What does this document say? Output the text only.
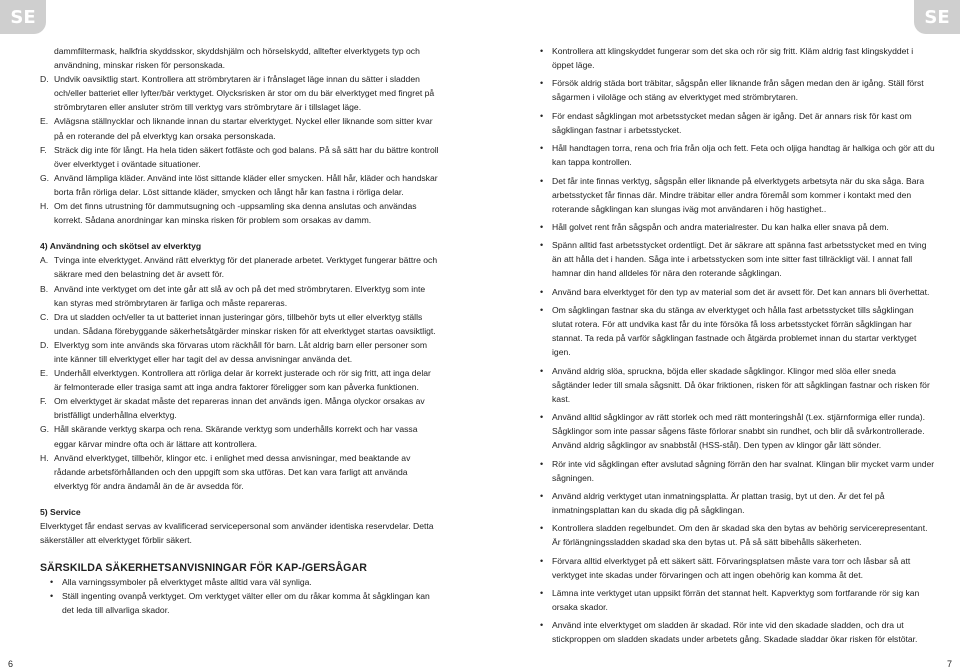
SE	SE

dammfiltermask, halkfria skyddsskor, skyddshjälm och hörselskydd, alltefter elverktygets typ och användning, minskar risken för personskada.

D. Undvik oavsiktlig start. Kontrollera att strömbrytaren är i frånslaget läge innan du sätter i sladden och/eller batteriet eller lyfter/bär verktyget. Olycksrisken är stor om du bär elverktyget med fingret på strömbrytaren eller ansluter ström till verktyg vars strömbrytare är i tillslaget läge.
E. Avlägsna ställnycklar och liknande innan du startar elverktyget. Nyckel eller liknande som sitter kvar på en roterande del på elverktyg kan orsaka personskada.
F. Sträck dig inte för långt. Ha hela tiden säkert fotfäste och god balans. På så sätt har du bättre kontroll över elverktyget i oväntade situationer.
G. Använd lämpliga kläder. Använd inte löst sittande kläder eller smycken. Håll hår, kläder och handskar borta från rörliga delar. Löst sittande kläder, smycken och långt hår kan fastna i rörliga delar.
H. Om det finns utrustning för dammutsugning och -uppsamling ska denna anslutas och användas korrekt. Sådana anordningar kan minska risken för problem som orsakas av damm.

4) Användning och skötsel av elverktyg

A. Tvinga inte elverktyget. Använd rätt elverktyg för det planerade arbetet. Verktyget fungerar bättre och säkrare med den belastning det är avsett för.
B. Använd inte verktyget om det inte går att slå av och på det med strömbrytaren. Elverktyg som inte kan styras med strömbrytaren är farliga och måste repareras.
C. Dra ut sladden och/eller ta ut batteriet innan justeringar görs, tillbehör byts ut eller elverktyg ställs undan. Sådana förebyggande säkerhetsåtgärder minskar risken för att elverktyget startas oavsiktligt.
D. Elverktyg som inte används ska förvaras utom räckhåll för barn. Låt aldrig barn eller personer som inte känner till elverktyget eller har tagit del av dessa anvisningar använda det.
E. Underhåll elverktygen. Kontrollera att rörliga delar är korrekt justerade och rör sig fritt, att inga delar är felmonterade eller trasiga samt att inga andra faktorer föreligger som kan påverka funktionen.
F. Om elverktyget är skadat måste det repareras innan det används igen. Många olyckor orsakas av bristfälligt underhållna elverktyg.
G. Håll skärande verktyg skarpa och rena. Skärande verktyg som underhålls korrekt och har vassa eggar kärvar mindre ofta och är lättare att kontrollera.
H. Använd elverktyget, tillbehör, klingor etc. i enlighet med dessa anvisningar, med beaktande av rådande arbetsförhållanden och den uppgift som ska utföras. Det kan vara farligt att använda elverktyg för andra ändamål än de är avsedda för.

5) Service

Elverktyget får endast servas av kvalificerad servicepersonal som använder identiska reservdelar. Detta säkerställer att elverktyget förblir säkert.

SÄRSKILDA SÄKERHETSANVISNINGAR FÖR KAP-/GERSÅGAR

•	Alla varningssymboler på elverktyget måste alltid vara väl synliga.
•	Ställ ingenting ovanpå verktyget. Om verktyget välter eller om du råkar komma åt sågklingan kan det leda till allvarliga skador.
•	Kontrollera att klingskyddet fungerar som det ska och rör sig fritt. Kläm aldrig fast klingskyddet i öppet läge.
•	Försök aldrig städa bort träbitar, sågspån eller liknande från sågen medan den är igång. Ställ först sågarmen i viloläge och stäng av elverktyget med strömbrytaren.
•	För endast sågklingan mot arbetsstycket medan sågen är igång. Det är annars risk för kast om sågklingan fastnar i arbetsstycket.
•	Håll handtagen torra, rena och fria från olja och fett. Feta och oljiga handtag är halkiga och gör att du kan tappa kontrollen.
•	Det får inte finnas verktyg, sågspån eller liknande på elverktygets arbetsyta när du ska såga. Bara arbetsstycket får finnas där. Mindre träbitar eller andra föremål som kommer i kontakt med den roterande sågklingan kan slungas iväg mot användaren i hög hastighet..
•	Håll golvet rent från sågspån och andra materialrester. Du kan halka eller snava på dem.
•	Spänn alltid fast arbetsstycket ordentligt. Det är säkrare att spänna fast arbetsstycket med en tving än att hålla det i handen. Såga inte i arbetsstycken som inte sitter fast tillräckligt väl. I annat fall hamnar din hand alldeles för nära den roterande sågklingan.
•	Använd bara elverktyget för den typ av material som det är avsett för. Det kan annars bli överhettat.
•	Om sågklingan fastnar ska du stänga av elverktyget och hålla fast arbetsstycket tills sågklingan slutat rotera. För att undvika kast får du inte försöka få loss arbetsstycket förrän sågklingan har stannat. Ta reda på varför sågklingan fastnade och åtgärda problemet innan du startar verktyget igen.
•	Använd aldrig slöa, spruckna, böjda eller skadade sågklingor. Klingor med slöa eller sneda sågtänder leder till smala sågsnitt. Då ökar friktionen, risken för att sågklingan fastnar och risken för kast.
•	Använd alltid sågklingor av rätt storlek och med rätt monteringshål (t.ex. stjärnformiga eller runda). Sågklingor som inte passar sågens fäste förlorar snabbt sin rundhet, och blir då svårkontrollerade. Använd aldrig sågklingor av snabbstål (HSS-stål). Den typen av klingor går lätt sönder.
•	Rör inte vid sågklingan efter avslutad sågning förrän den har svalnat. Klingan blir mycket varm under sågningen.
•	Använd aldrig verktyget utan inmatningsplatta. Är plattan trasig, byt ut den. Är det fel på inmatningsplattan kan du skada dig på sågklingan.
•	Kontrollera sladden regelbundet. Om den är skadad ska den bytas av behörig servicerepresentant. Är förlängningssladden skadad ska den bytas ut. På så sätt bibehålls säkerheten.
•	Förvara alltid elverktyget på ett säkert sätt. Förvaringsplatsen måste vara torr och låsbar så att verktyget inte skadas under förvaringen och att ingen obehörig kan komma åt det.
•	Lämna inte verktyget utan uppsikt förrän det stannat helt. Kapverktyg som fortfarande rör sig kan orsaka skador.
•	Använd inte elverktyget om sladden är skadad. Rör inte vid den skadade sladden, och dra ut stickproppen om sladden skadats under arbetets gång. Skadade sladdar ökar risken för elstötar.
6	7
